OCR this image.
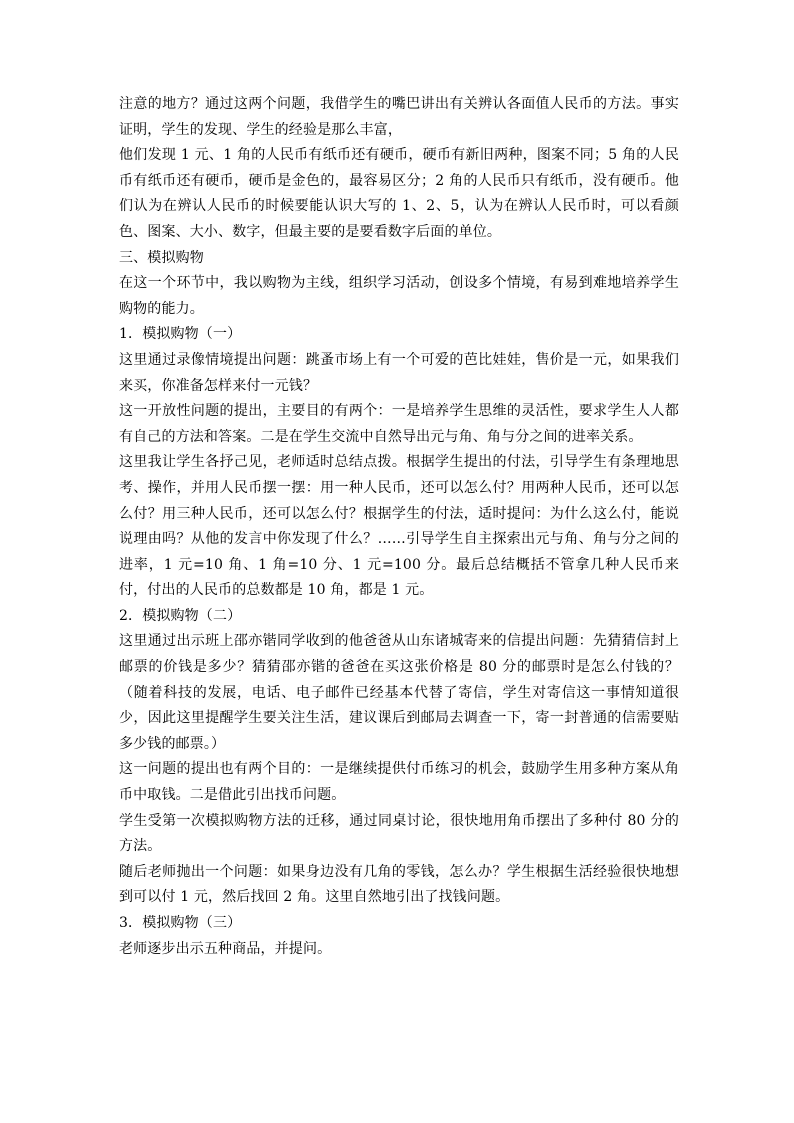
注意的地方？通过这两个问题，我借学生的嘴巴讲出有关辨认各面值人民币的方法。事实证明，学生的发现、学生的经验是那么丰富，

他们发现 1 元、1 角的人民币有纸币还有硬币，硬币有新旧两种，图案不同；5 角的人民币有纸币还有硬币，硬币是金色的，最容易区分；2 角的人民币只有纸币，没有硬币。他们认为在辨认人民币的时候要能认识大写的 1、2、5，认为在辨认人民币时，可以看颜色、图案、大小、数字，但最主要的是要看数字后面的单位。

三、模拟购物

在这一个环节中，我以购物为主线，组织学习活动，创设多个情境，有易到难地培养学生购物的能力。

1．模拟购物（一）

这里通过录像情境提出问题：跳蚤市场上有一个可爱的芭比娃娃，售价是一元，如果我们来买，你准备怎样来付一元钱？

这一开放性问题的提出，主要目的有两个：一是培养学生思维的灵活性，要求学生人人都有自己的方法和答案。二是在学生交流中自然导出元与角、角与分之间的进率关系。

这里我让学生各抒己见，老师适时总结点拨。根据学生提出的付法，引导学生有条理地思考、操作，并用人民币摆一摆：用一种人民币，还可以怎么付？用两种人民币，还可以怎么付？用三种人民币，还可以怎么付？根据学生的付法，适时提问：为什么这么付，能说说理由吗？从他的发言中你发现了什么？……引导学生自主探索出元与角、角与分之间的进率，1 元=10 角、1 角=10 分、1 元=100 分。最后总结概括不管拿几种人民币来付，付出的人民币的总数都是 10 角，都是 1 元。

2．模拟购物（二）

这里通过出示班上邵亦锴同学收到的他爸爸从山东诸城寄来的信提出问题：先猜猜信封上邮票的价钱是多少？猜猜邵亦锴的爸爸在买这张价格是 80 分的邮票时是怎么付钱的？（随着科技的发展，电话、电子邮件已经基本代替了寄信，学生对寄信这一事情知道很少，因此这里提醒学生要关注生活，建议课后到邮局去调查一下，寄一封普通的信需要贴多少钱的邮票。）

这一问题的提出也有两个目的：一是继续提供付币练习的机会，鼓励学生用多种方案从角币中取钱。二是借此引出找币问题。

学生受第一次模拟购物方法的迁移，通过同桌讨论，很快地用角币摆出了多种付 80 分的方法。

随后老师抛出一个问题：如果身边没有几角的零钱，怎么办？学生根据生活经验很快地想到可以付 1 元，然后找回 2 角。这里自然地引出了找钱问题。

3．模拟购物（三）

老师逐步出示五种商品，并提问。
